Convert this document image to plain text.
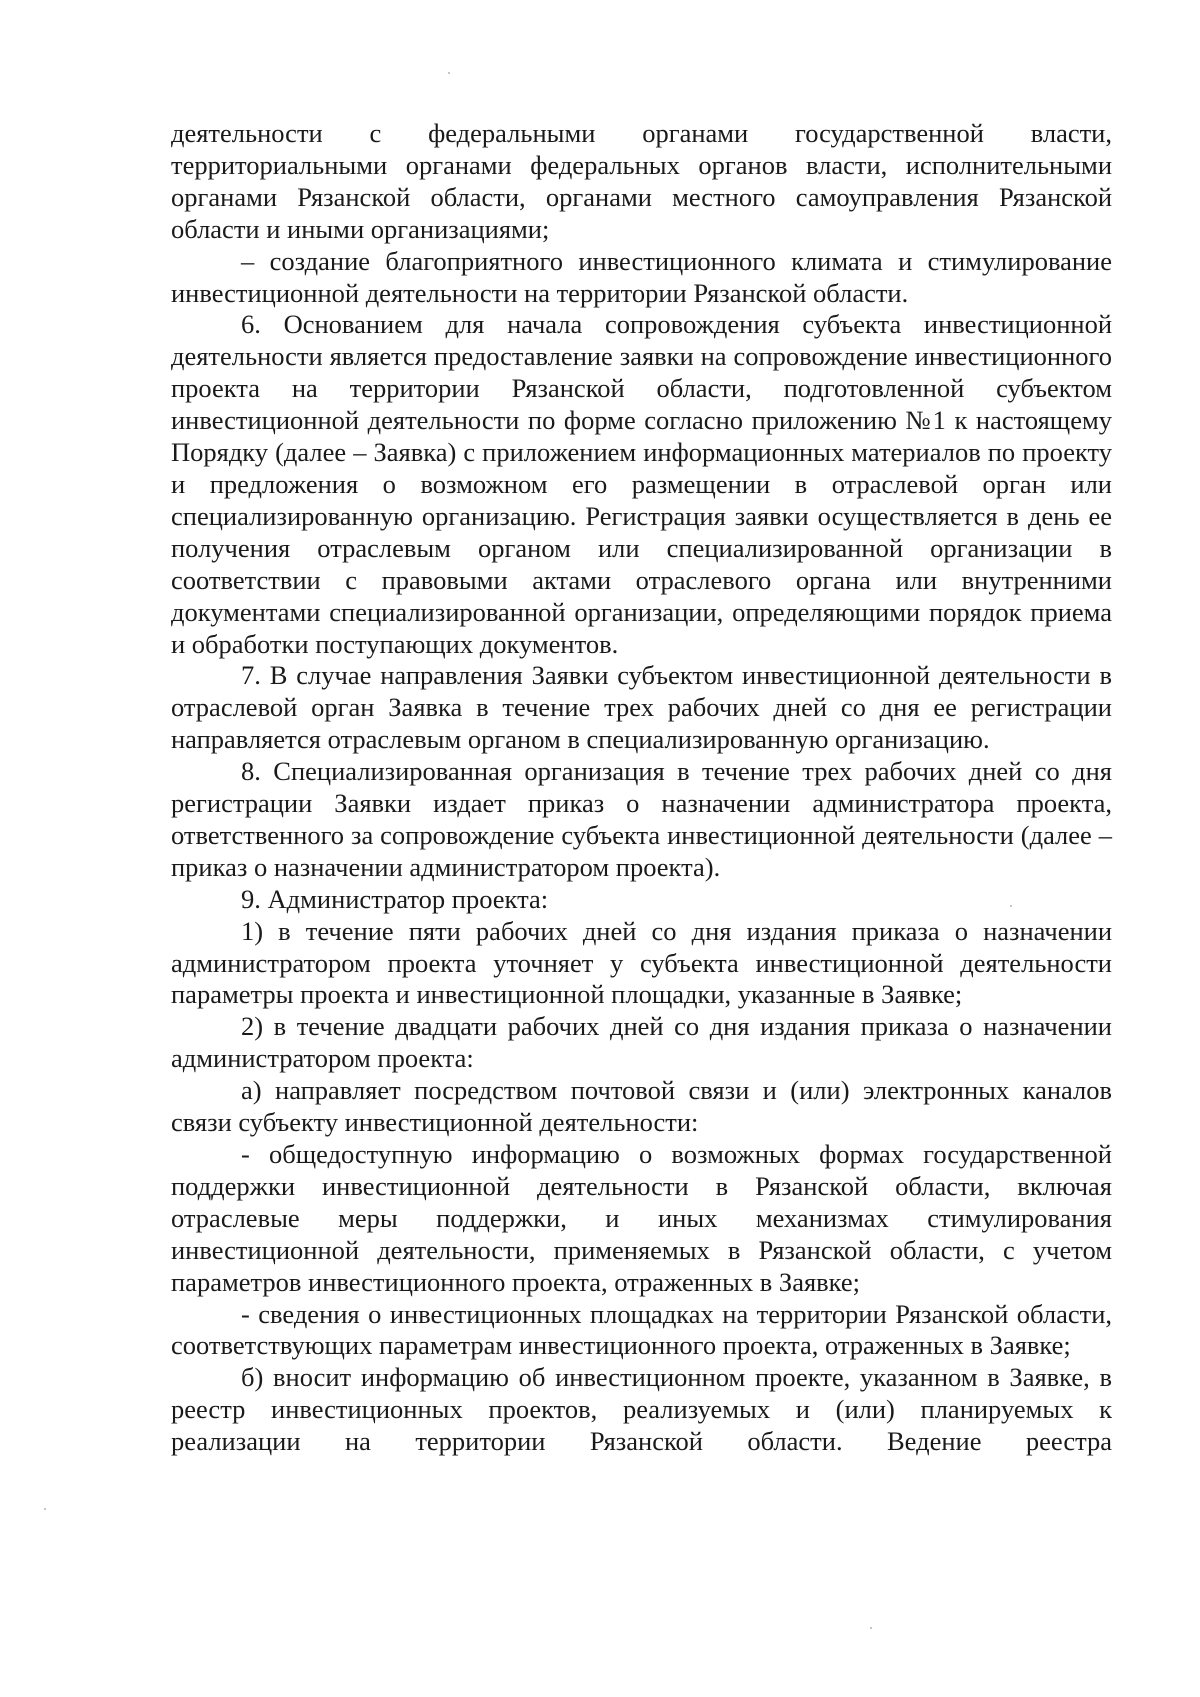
деятельности с федеральными органами государственной власти, территориальными органами федеральных органов власти, исполнительными органами Рязанской области, органами местного самоуправления Рязанской области и иными организациями;

– создание благоприятного инвестиционного климата и стимулирование инвестиционной деятельности на территории Рязанской области.

6. Основанием для начала сопровождения субъекта инвестиционной деятельности является предоставление заявки на сопровождение инвестиционного проекта на территории Рязанской области, подготовленной субъектом инвестиционной деятельности по форме согласно приложению №1 к настоящему Порядку (далее – Заявка) с приложением информационных материалов по проекту и предложения о возможном его размещении в отраслевой орган или специализированную организацию. Регистрация заявки осуществляется в день ее получения отраслевым органом или специализированной организации в соответствии с правовыми актами отраслевого органа или внутренними документами специализированной организации, определяющими порядок приема и обработки поступающих документов.

7. В случае направления Заявки субъектом инвестиционной деятельности в отраслевой орган Заявка в течение трех рабочих дней со дня ее регистрации направляется отраслевым органом в специализированную организацию.

8. Специализированная организация в течение трех рабочих дней со дня регистрации Заявки издает приказ о назначении администратора проекта, ответственного за сопровождение субъекта инвестиционной деятельности (далее – приказ о назначении администратором проекта).

9. Администратор проекта:

1) в течение пяти рабочих дней со дня издания приказа о назначении администратором проекта уточняет у субъекта инвестиционной деятельности параметры проекта и инвестиционной площадки, указанные в Заявке;

2) в течение двадцати рабочих дней со дня издания приказа о назначении администратором проекта:

а) направляет посредством почтовой связи и (или) электронных каналов связи субъекту инвестиционной деятельности:

- общедоступную информацию о возможных формах государственной поддержки инвестиционной деятельности в Рязанской области, включая отраслевые меры поддержки, и иных механизмах стимулирования инвестиционной деятельности, применяемых в Рязанской области, с учетом параметров инвестиционного проекта, отраженных в Заявке;

- сведения о инвестиционных площадках на территории Рязанской области, соответствующих параметрам инвестиционного проекта, отраженных в Заявке;

б) вносит информацию об инвестиционном проекте, указанном в Заявке, в реестр инвестиционных проектов, реализуемых и (или) планируемых к реализации на территории Рязанской области. Ведение реестра
